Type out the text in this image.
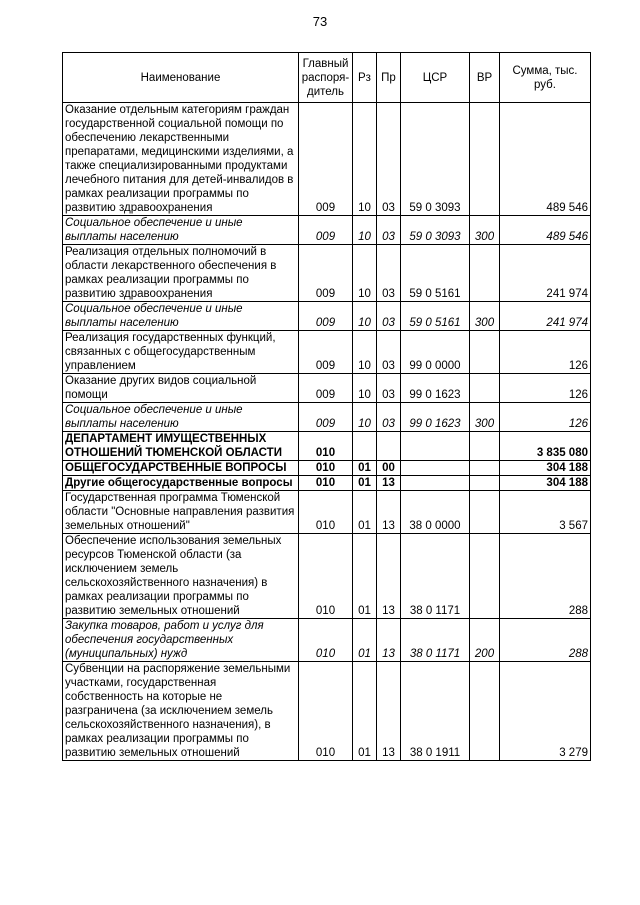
73
Наименование	Главный распоря-дитель	Рз	Пр	ЦСР	ВР	Сумма, тыс. руб.
Оказание отдельным категориям граждан государственной социальной помощи по обеспечению лекарственными препаратами, медицинскими изделиями, а также специализированными продуктами лечебного питания для детей-инвалидов в рамках реализации программы по развитию здравоохранения	009	10	03	59 0 3093		489 546
Социальное обеспечение и иные выплаты населению	009	10	03	59 0 3093	300	489 546
Реализация отдельных полномочий в области лекарственного обеспечения в рамках реализации программы по развитию здравоохранения	009	10	03	59 0 5161		241 974
Социальное обеспечение и иные выплаты населению	009	10	03	59 0 5161	300	241 974
Реализация государственных функций, связанных с общегосударственным управлением	009	10	03	99 0 0000		126
Оказание других видов социальной помощи	009	10	03	99 0 1623		126
Социальное обеспечение и иные выплаты населению	009	10	03	99 0 1623	300	126
ДЕПАРТАМЕНТ ИМУЩЕСТВЕННЫХ ОТНОШЕНИЙ ТЮМЕНСКОЙ ОБЛАСТИ	010					3 835 080
ОБЩЕГОСУДАРСТВЕННЫЕ ВОПРОСЫ	010	01	00			304 188
Другие общегосударственные вопросы	010	01	13			304 188
Государственная программа Тюменской области "Основные направления развития земельных отношений"	010	01	13	38 0 0000		3 567
Обеспечение использования земельных ресурсов Тюменской области (за исключением земель сельскохозяйственного назначения) в рамках реализации программы по развитию земельных отношений	010	01	13	38 0 1171		288
Закупка товаров, работ и услуг для обеспечения государственных (муниципальных) нужд	010	01	13	38 0 1171	200	288
Субвенции на распоряжение земельными участками, государственная собственность на которые не разграничена (за исключением земель сельскохозяйственного назначения), в рамках реализации программы по развитию земельных отношений	010	01	13	38 0 1911		3 279
